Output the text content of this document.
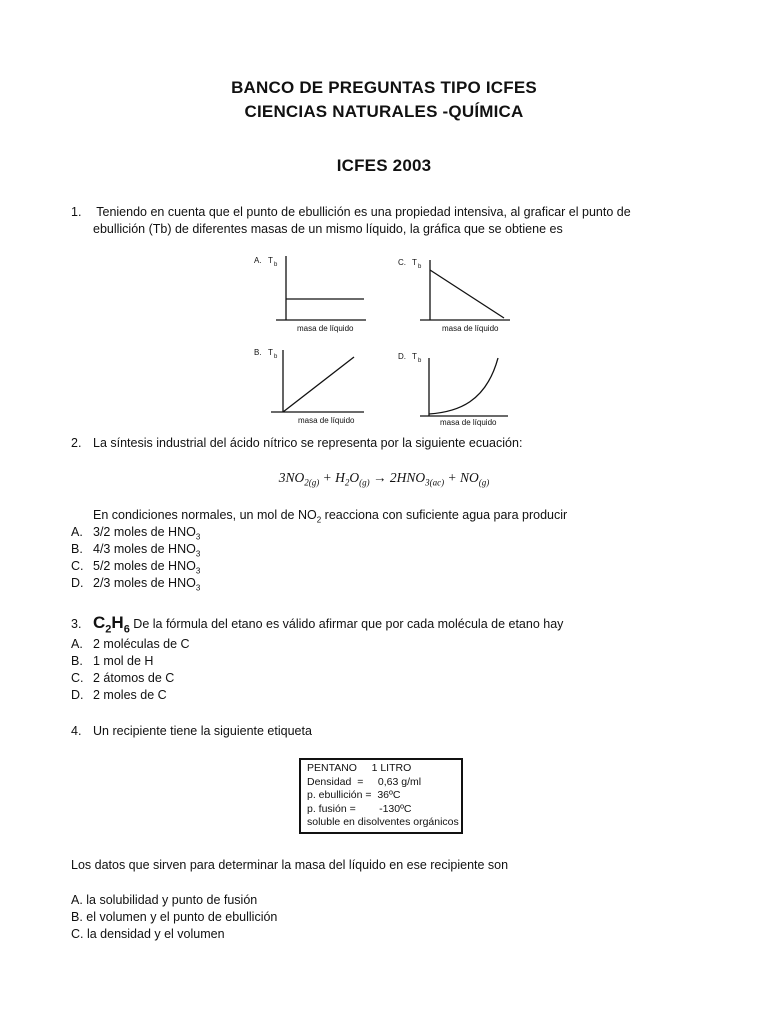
BANCO DE PREGUNTAS TIPO ICFES
CIENCIAS NATURALES -QUÍMICA
ICFES 2003
1. Teniendo en cuenta que el punto de ebullición es una propiedad intensiva, al graficar el punto de
ebullición (Tb) de diferentes masas de un mismo líquido, la gráfica que se obtiene es
A. T b
masa de líquido
C. T b
masa de líquido
B. T b
masa de líquido
D. T b
masa de líquido
2. La síntesis industrial del ácido nítrico se representa por la siguiente ecuación:
$3NO_{2(g)} + H_2O_{(g)} \to 2HNO_{3(ac)} + NO_{(g)}$
En condiciones normales, un mol de $NO_2$ reacciona con suficiente agua para producir
A. 3/2 moles de $HNO_3$
B. 4/3 moles de $HNO_3$
C. 5/2 moles de $HNO_3$
D. 2/3 moles de $HNO_3$
3. $C_2H_6$ De la fórmula del etano es válido afirmar que por cada molécula de etano hay
A. 2 moléculas de C
B. 1 mol de H
C. 2 átomos de C
D. 2 moles de C
4. Un recipiente tiene la siguiente etiqueta
PENTANO     1 LITRO
Densidad  =     0,63 g/ml
p. ebullición =  36ºC
p. fusión =        -130ºC
soluble en disolventes orgánicos
Los datos que sirven para determinar la masa del líquido en ese recipiente son
A. la solubilidad y punto de fusión
B. el volumen y el punto de ebullición
C. la densidad y el volumen
